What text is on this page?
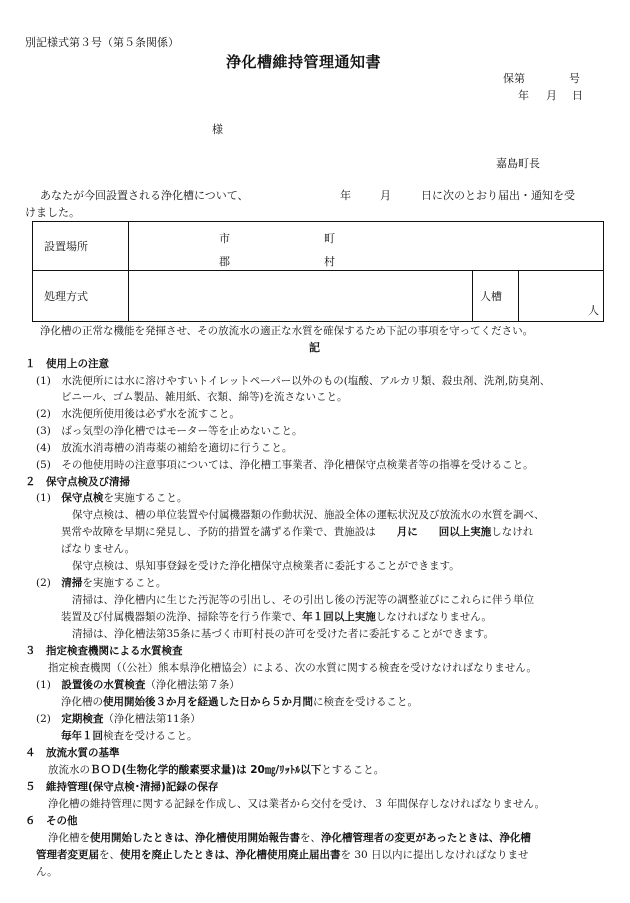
別記様式第３号（第５条関係）
浄化槽維持管理通知書
保第	号
年 月 日
様
嘉島町長
あなたが今回設置される浄化槽について、	年	月	日に次のとおり届出・通知を受
けました。
設置場所
市	町
郡	村
処理方式	人槽
人
浄化槽の正常な機能を発揮させ、その放流水の適正な水質を確保するため下記の事項を守ってください。
記
１　使用上の注意
(1)　水洗便所には水に溶けやすいトイレットペーパー以外のもの(塩酸、アルカリ類、殺虫剤、洗剤,防臭剤、
ビニール、ゴム製品、雑用紙、衣類、綿等)を流さないこと。
(2)　水洗便所使用後は必ず水を流すこと。
(3)　ばっ気型の浄化槽ではモーター等を止めないこと。
(4)　放流水消毒槽の消毒薬の補給を適切に行うこと。
(5)　その他使用時の注意事項については、浄化槽工事業者、浄化槽保守点検業者等の指導を受けること。
２　保守点検及び清掃
(1)　 保守点検を実施すること。
保守点検は、槽の単位装置や付属機器類の作動状況、施設全体の運転状況及び放流水の水質を調べ、
異常や故障を早期に発見し、予防的措置を講ずる作業で、貴施設は　　 月に　　 回以上実施しなけれ
ばなりません。
保守点検は、県知事登録を受けた浄化槽保守点検業者に委託することができます。
(2)　 清掃を実施すること。
清掃は、浄化槽内に生じた汚泥等の引出し、その引出し後の汚泥等の調整並びにこれらに伴う単位
装置及び付属機器類の洗浄、掃除等を行う作業で、年１回以上実施しなければなりません。
清掃は、浄化槽法第35条に基づく市町村長の許可を受けた者に委託することができます。
３　指定検査機関による水質検査
指定検査機関（（公社）熊本県浄化槽協会）による、次の水質に関する検査を受けなければなりません。
(1)　 設置後の水質検査（浄化槽法第７条）
浄化槽の使用開始後３か月を経過した日から５か月間に検査を受けること。
(2)　 定期検査（浄化槽法第11条）
毎年１回検査を受けること。
４　放流水質の基準
放流水のＢＯＤ(生物化学的酸素要求量)は 20㎎/ﾘｯﾄﾙ以下とすること。
５　維持管理(保守点検･清掃)記録の保存
浄化槽の維持管理に関する記録を作成し、又は業者から交付を受け、３ 年間保存しなければなりません。
６　その他
浄化槽を使用開始したときは、浄化槽使用開始報告書を、浄化槽管理者の変更があったときは、浄化槽
管理者変更届を、使用を廃止したときは、浄化槽使用廃止届出書を 30 日以内に提出しなければなりませ
ん。
